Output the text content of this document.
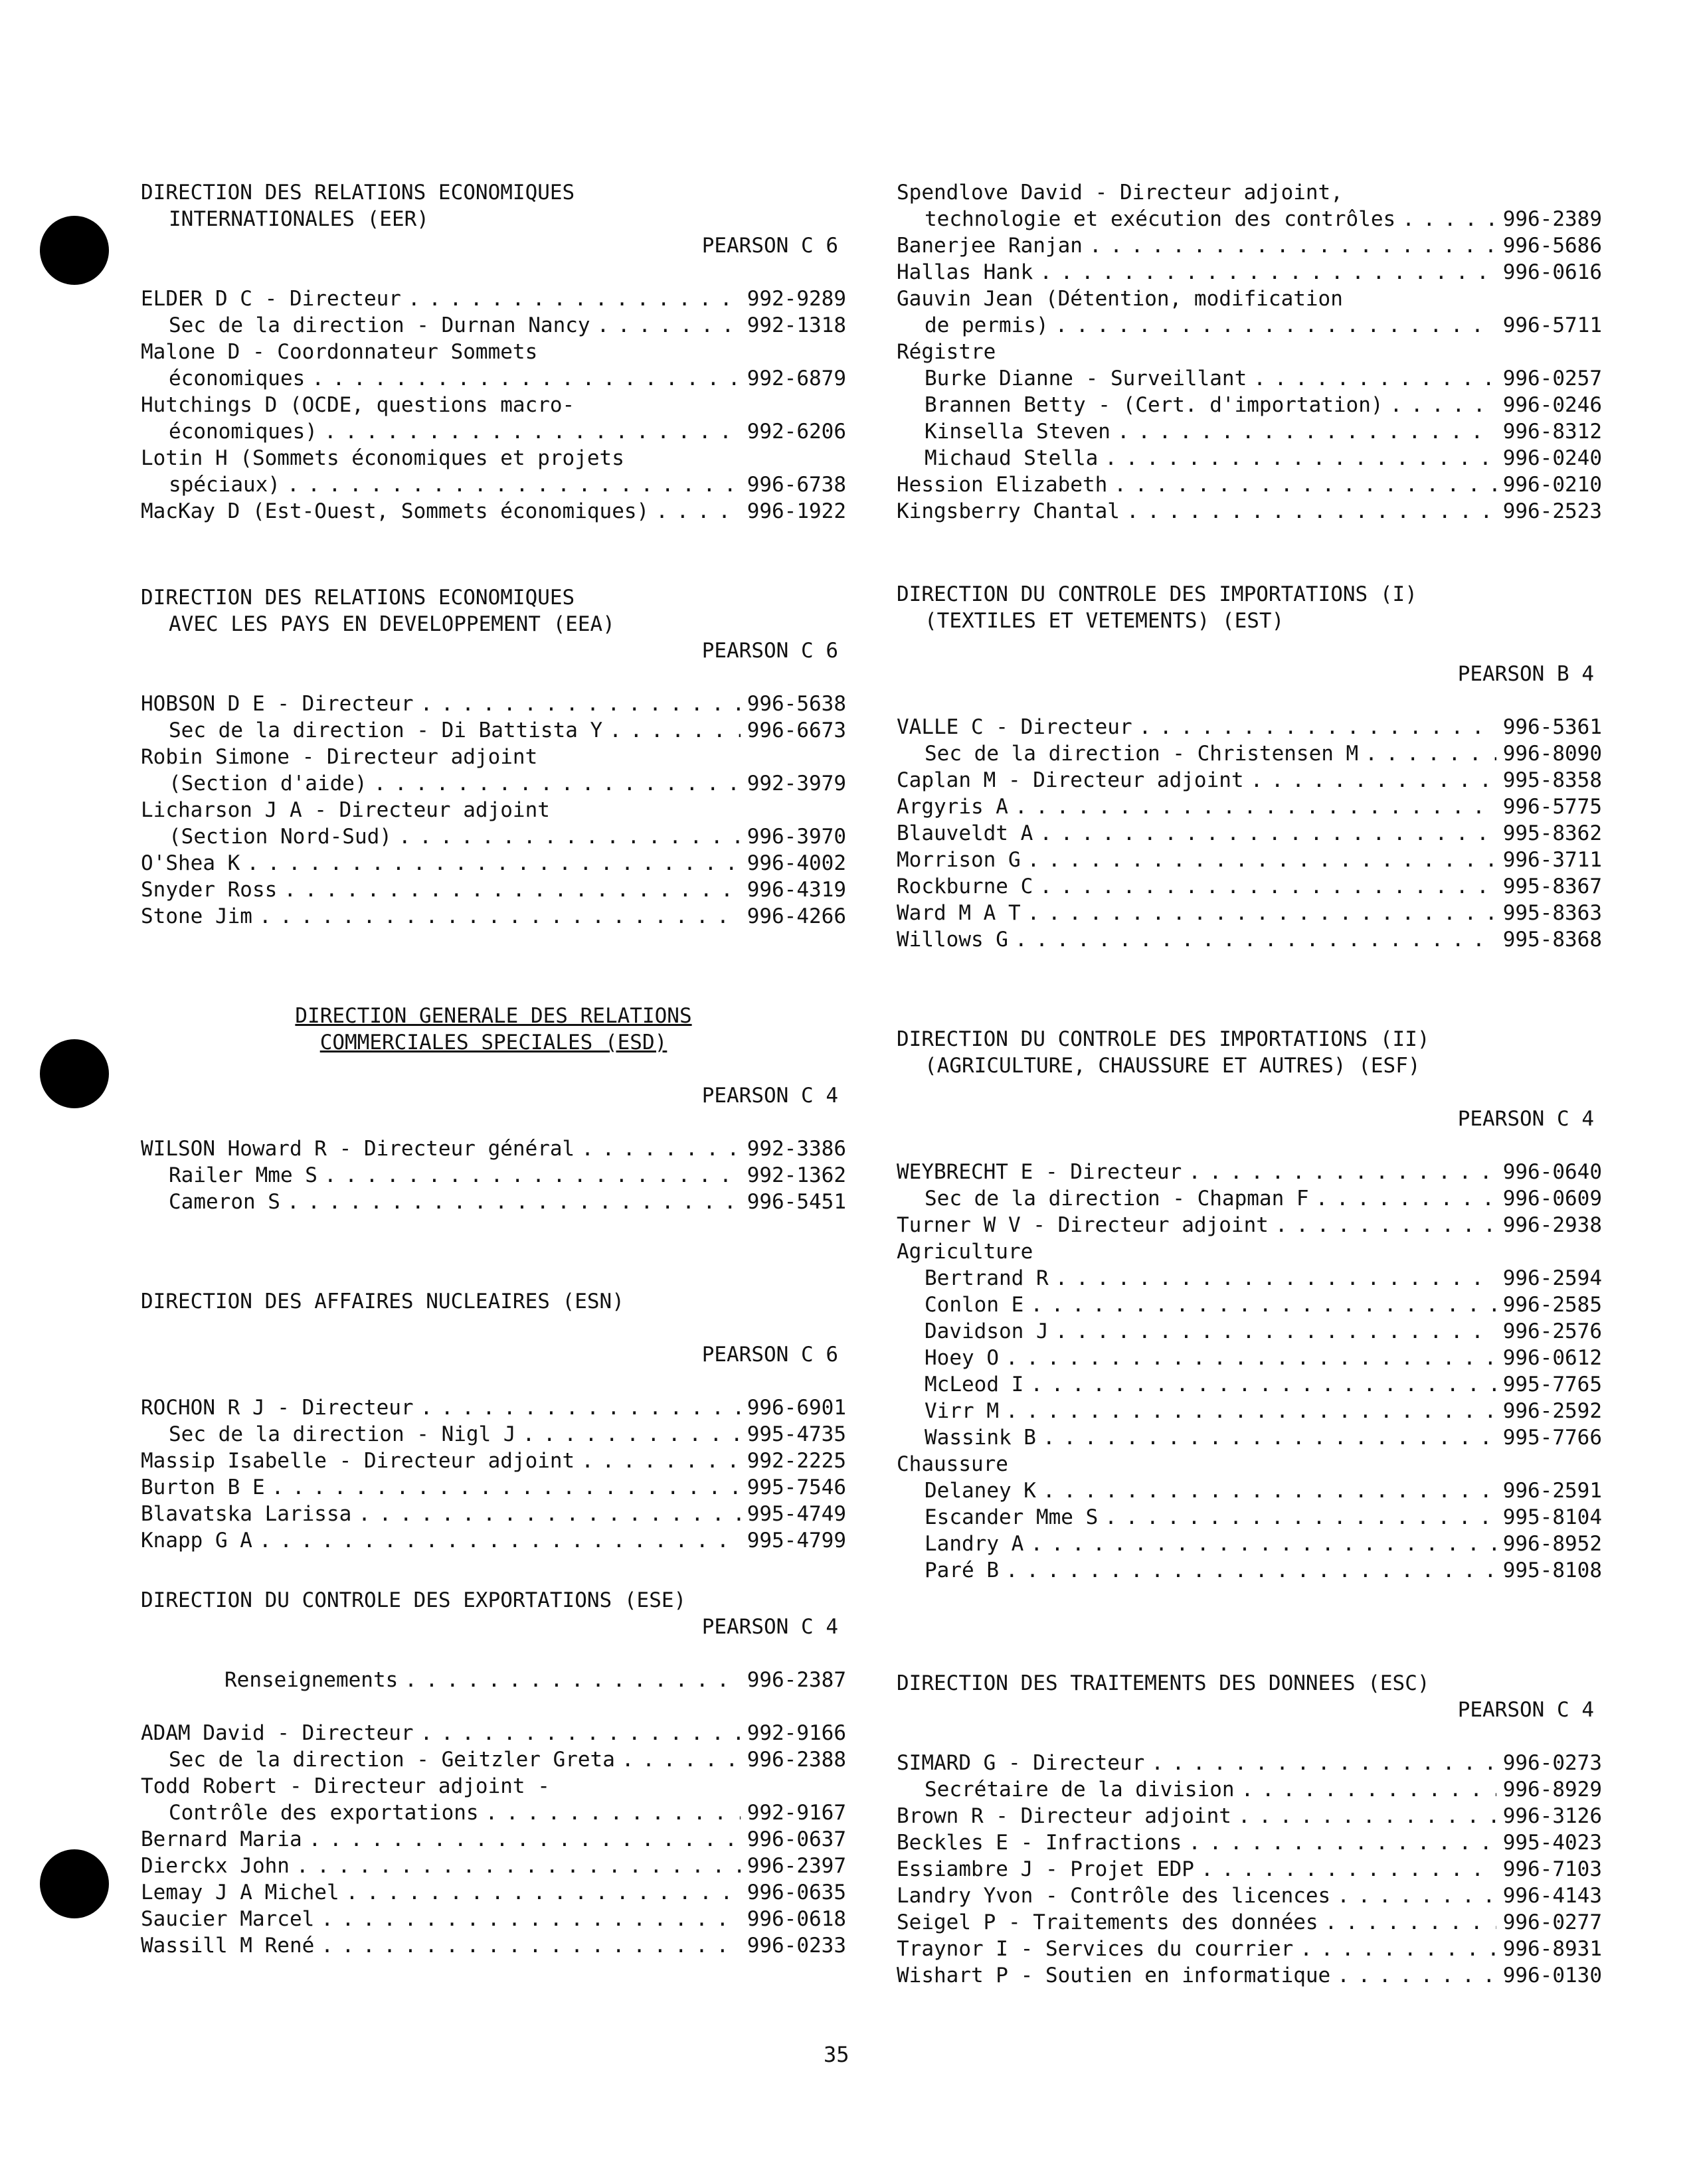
DIRECTION DES RELATIONS ECONOMIQUES
INTERNATIONALES (EER)
PEARSON C 6
ELDER D C - Directeur . . .	992-9289
Sec de la direction - Durnan Nancy . . .	992-1318
Malone D - Coordonnateur Sommets
économiques . . .	992-6879
Hutchings D (OCDE, questions macro-
économiques) . . .	992-6206
Lotin H (Sommets économiques et projets
spéciaux) . . .	996-6738
MacKay D (Est-Ouest, Sommets économiques) . . .	996-1922
DIRECTION DES RELATIONS ECONOMIQUES
AVEC LES PAYS EN DEVELOPPEMENT (EEA)
PEARSON C 6
HOBSON D E - Directeur . . .	996-5638
Sec de la direction - Di Battista Y . . .	996-6673
Robin Simone - Directeur adjoint
(Section d'aide) . . .	992-3979
Licharson J A - Directeur adjoint
(Section Nord-Sud) . . .	996-3970
O'Shea K . . .	996-4002
Snyder Ross . . .	996-4319
Stone Jim . . .	996-4266
DIRECTION GENERALE DES RELATIONS
COMMERCIALES SPECIALES (ESD)
PEARSON C 4
WILSON Howard R - Directeur général . . .	992-3386
Railer Mme S . . .	992-1362
Cameron S . . .	996-5451
DIRECTION DES AFFAIRES NUCLEAIRES (ESN)
PEARSON C 6
ROCHON R J - Directeur . . .	996-6901
Sec de la direction - Nigl J . . .	995-4735
Massip Isabelle - Directeur adjoint . . .	992-2225
Burton B E . . .	995-7546
Blavatska Larissa . . .	995-4749
Knapp G A . . .	995-4799
DIRECTION DU CONTROLE DES EXPORTATIONS (ESE)
PEARSON C 4
Renseignements . . .	996-2387
ADAM David - Directeur . . .	992-9166
Sec de la direction - Geitzler Greta . . .	996-2388
Todd Robert - Directeur adjoint -
Contrôle des exportations . . .	992-9167
Bernard Maria . . .	996-0637
Dierckx John . . .	996-2397
Lemay J A Michel . . .	996-0635
Saucier Marcel . . .	996-0618
Wassill M René . . .	996-0233
Spendlove David - Directeur adjoint,
technologie et exécution des contrôles . . .	996-2389
Banerjee Ranjan . . .	996-5686
Hallas Hank . . .	996-0616
Gauvin Jean (Détention, modification
de permis) . . .	996-5711
Régistre
Burke Dianne - Surveillant . . .	996-0257
Brannen Betty - (Cert. d'importation) . . .	996-0246
Kinsella Steven . . .	996-8312
Michaud Stella . . .	996-0240
Hession Elizabeth . . .	996-0210
Kingsberry Chantal . . .	996-2523
DIRECTION DU CONTROLE DES IMPORTATIONS (I)
(TEXTILES ET VETEMENTS) (EST)
PEARSON B 4
VALLE C - Directeur . . .	996-5361
Sec de la direction - Christensen M . . .	996-8090
Caplan M - Directeur adjoint . . .	995-8358
Argyris A . . .	996-5775
Blauveldt A . . .	995-8362
Morrison G . . .	996-3711
Rockburne C . . .	995-8367
Ward M A T . . .	995-8363
Willows G . . .	995-8368
DIRECTION DU CONTROLE DES IMPORTATIONS (II)
(AGRICULTURE, CHAUSSURE ET AUTRES) (ESF)
PEARSON C 4
WEYBRECHT E - Directeur . . .	996-0640
Sec de la direction - Chapman F . . .	996-0609
Turner W V - Directeur adjoint . . .	996-2938
Agriculture
Bertrand R . . .	996-2594
Conlon E . . .	996-2585
Davidson J . . .	996-2576
Hoey O . . .	996-0612
McLeod I . . .	995-7765
Virr M . . .	996-2592
Wassink B . . .	995-7766
Chaussure
Delaney K . . .	996-2591
Escander Mme S . . .	995-8104
Landry A . . .	996-8952
Paré B . . .	995-8108
DIRECTION DES TRAITEMENTS DES DONNEES (ESC)
PEARSON C 4
SIMARD G - Directeur . . .	996-0273
Secrétaire de la division . . .	996-8929
Brown R - Directeur adjoint . . .	996-3126
Beckles E - Infractions . . .	995-4023
Essiambre J - Projet EDP . . .	996-7103
Landry Yvon - Contrôle des licences . . .	996-4143
Seigel P - Traitements des données . . .	996-0277
Traynor I - Services du courrier . . .	996-8931
Wishart P - Soutien en informatique . . .	996-0130
35
